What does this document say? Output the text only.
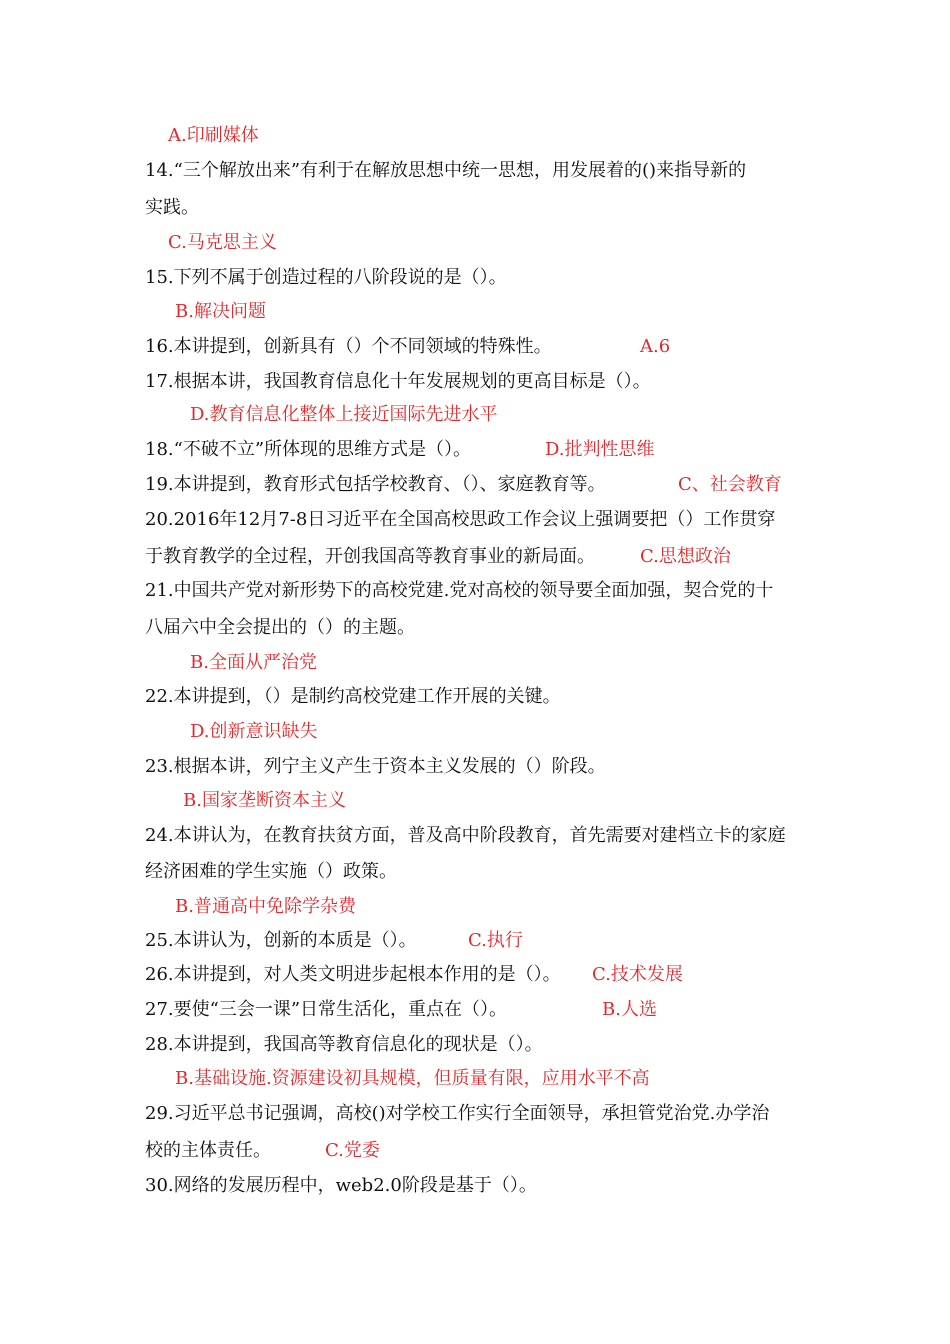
A.印刷媒体
14.“三个解放出来”有利于在解放思想中统一思想，用发展着的()来指导新的
实践。
C.马克思主义
15.下列不属于创造过程的八阶段说的是（）。
B.解决问题
16.本讲提到，创新具有（）个不同领域的特殊性。	A.6
17.根据本讲，我国教育信息化十年发展规划的更高目标是（）。
D.教育信息化整体上接近国际先进水平
18.“不破不立”所体现的思维方式是（）。	D.批判性思维
19.本讲提到，教育形式包括学校教育、（）、家庭教育等。	C、社会教育
20.2016年12月7-8日习近平在全国高校思政工作会议上强调要把（）工作贯穿
于教育教学的全过程，开创我国高等教育事业的新局面。	C.思想政治
21.中国共产党对新形势下的高校党建.党对高校的领导要全面加强，契合党的十
八届六中全会提出的（）的主题。
B.全面从严治党
22.本讲提到，（）是制约高校党建工作开展的关键。
D.创新意识缺失
23.根据本讲，列宁主义产生于资本主义发展的（）阶段。
B.国家垄断资本主义
24.本讲认为，在教育扶贫方面，普及高中阶段教育，首先需要对建档立卡的家庭
经济困难的学生实施（）政策。
B.普通高中免除学杂费
25.本讲认为，创新的本质是（）。	C.执行
26.本讲提到，对人类文明进步起根本作用的是（）。 C.技术发展
27.要使“三会一课”日常生活化，重点在（）。	B.人选
28.本讲提到，我国高等教育信息化的现状是（）。
B.基础设施.资源建设初具规模，但质量有限，应用水平不高
29.习近平总书记强调，高校()对学校工作实行全面领导，承担管党治党.办学治
校的主体责任。	C.党委
30.网络的发展历程中，web2.0阶段是基于（）。
